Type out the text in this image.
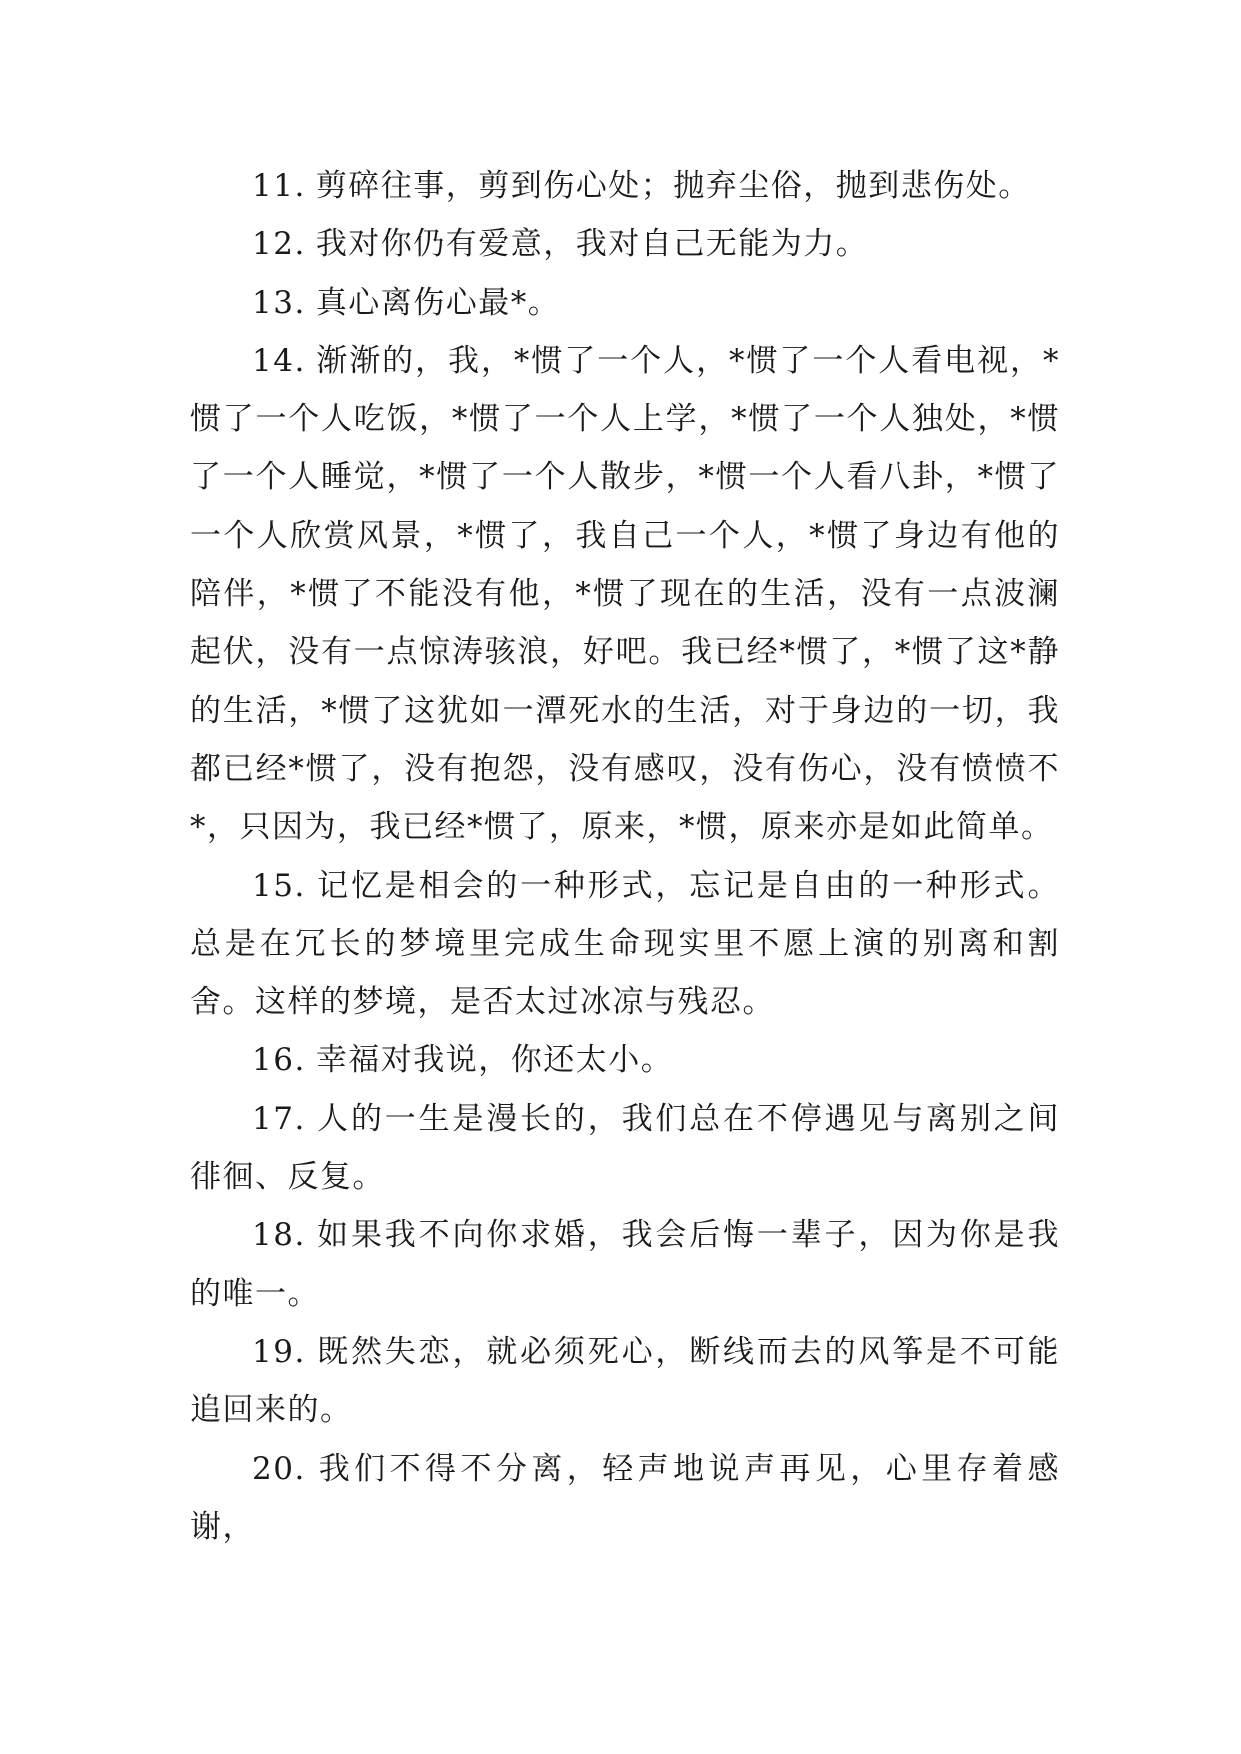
11. 剪碎往事，剪到伤心处；抛弃尘俗，抛到悲伤处。

12. 我对你仍有爱意，我对自己无能为力。

13. 真心离伤心最*。

14. 渐渐的，我，*惯了一个人，*惯了一个人看电视，*惯了一个人吃饭，*惯了一个人上学，*惯了一个人独处，*惯了一个人睡觉，*惯了一个人散步，*惯一个人看八卦，*惯了一个人欣赏风景，*惯了，我自己一个人，*惯了身边有他的陪伴，*惯了不能没有他，*惯了现在的生活，没有一点波澜起伏，没有一点惊涛骇浪，好吧。我已经*惯了，*惯了这*静的生活，*惯了这犹如一潭死水的生活，对于身边的一切，我都已经*惯了，没有抱怨，没有感叹，没有伤心，没有愤愤不*，只因为，我已经*惯了，原来，*惯，原来亦是如此简单。

15. 记忆是相会的一种形式，忘记是自由的一种形式。总是在冗长的梦境里完成生命现实里不愿上演的别离和割舍。这样的梦境，是否太过冰凉与残忍。

16. 幸福对我说，你还太小。

17. 人的一生是漫长的，我们总在不停遇见与离别之间徘徊、反复。

18. 如果我不向你求婚，我会后悔一辈子，因为你是我的唯一。

19. 既然失恋，就必须死心，断线而去的风筝是不可能追回来的。

20. 我们不得不分离，轻声地说声再见，心里存着感谢，
